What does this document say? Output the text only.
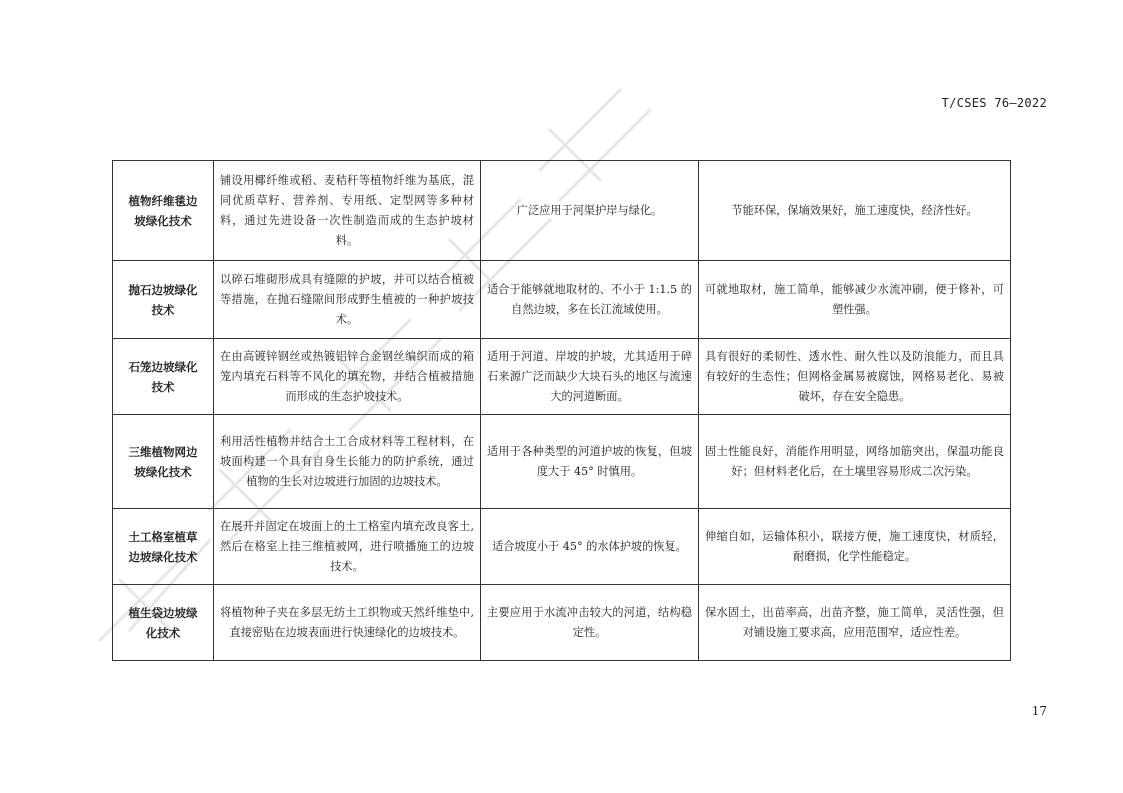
T/CSES 76—2022
植物纤维毯边坡绿化技术	铺设用椰纤维或稻、麦秸秆等植物纤维为基底，混同优质草籽、营养剂、专用纸、定型网等多种材料，通过先进设备一次性制造而成的生态护坡材料。	广泛应用于河渠护岸与绿化。	节能环保，保墒效果好，施工速度快，经济性好。
抛石边坡绿化技术	以碎石堆砌形成具有缝隙的护坡，并可以结合植被等措施，在抛石缝隙间形成野生植被的一种护坡技术。	适合于能够就地取材的、不小于 1:1.5 的自然边坡，多在长江流域使用。	可就地取材，施工简单，能够减少水流冲刷，便于修补，可塑性强。
石笼边坡绿化技术	在由高镀锌钢丝或热镀铝锌合金钢丝编织而成的箱笼内填充石料等不风化的填充物，并结合植被措施而形成的生态护坡技术。	适用于河道、岸坡的护坡，尤其适用于碎石来源广泛而缺少大块石头的地区与流速大的河道断面。	具有很好的柔韧性、透水性、耐久性以及防浪能力，而且具有较好的生态性；但网格金属易被腐蚀，网格易老化、易被破坏，存在安全隐患。
三维植物网边坡绿化技术	利用活性植物并结合土工合成材料等工程材料，在坡面构建一个具有自身生长能力的防护系统，通过植物的生长对边坡进行加固的边坡技术。	适用于各种类型的河道护坡的恢复，但坡度大于 45° 时慎用。	固土性能良好，消能作用明显，网络加筋突出，保温功能良好；但材料老化后，在土壤里容易形成二次污染。
土工格室植草边坡绿化技术	在展开并固定在坡面上的土工格室内填充改良客土,然后在格室上挂三维植被网，进行喷播施工的边坡技术。	适合坡度小于 45° 的水体护坡的恢复。	伸缩自如，运输体积小，联接方便，施工速度快，材质轻，耐磨损，化学性能稳定。
植生袋边坡绿化技术	将植物种子夹在多层无纺土工织物或天然纤维垫中,直接密贴在边坡表面进行快速绿化的边坡技术。	主要应用于水流冲击较大的河道，结构稳定性。	保水固土，出苗率高，出苗齐整，施工简单，灵活性强，但对铺设施工要求高，应用范围窄，适应性差。
17
